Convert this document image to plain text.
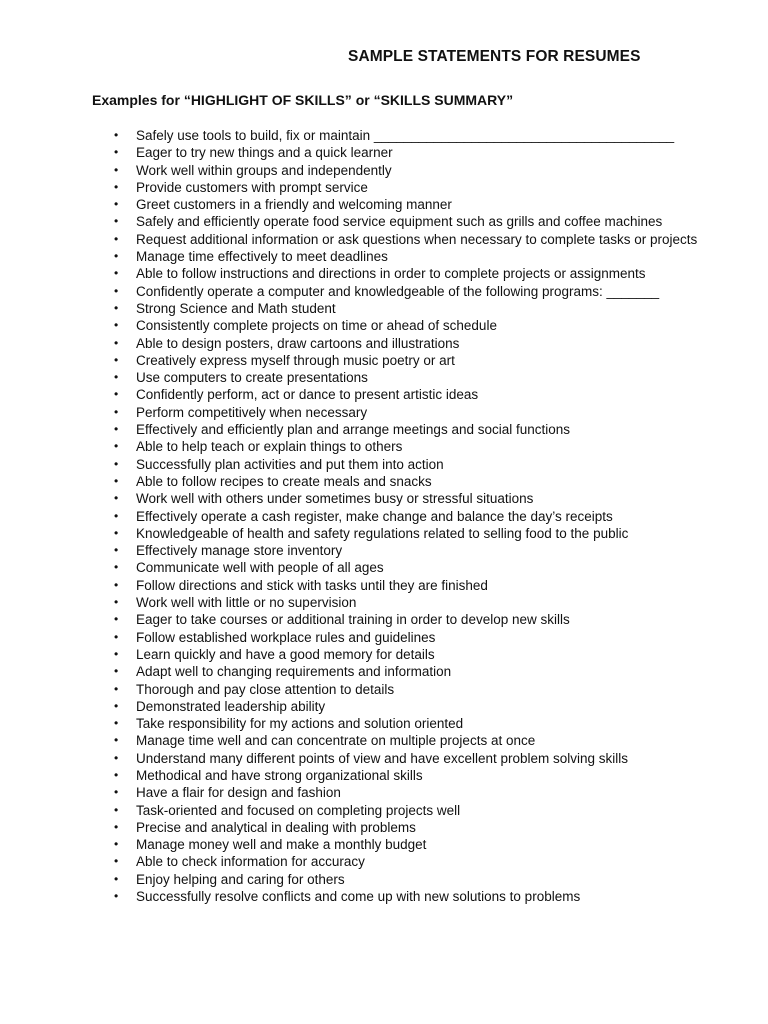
SAMPLE STATEMENTS FOR RESUMES
Examples for “HIGHLIGHT OF SKILLS” or “SKILLS SUMMARY”
• Safely use tools to build, fix or maintain ________________________________________
• Eager to try new things and a quick learner
• Work well within groups and independently
• Provide customers with prompt service
• Greet customers in a friendly and welcoming manner
• Safely and efficiently operate food service equipment such as grills and coffee machines
• Request additional information or ask questions when necessary to complete tasks or projects
• Manage time effectively to meet deadlines
• Able to follow instructions and directions in order to complete projects or assignments
• Confidently operate a computer and knowledgeable of the following programs: _______
• Strong Science and Math student
• Consistently complete projects on time or ahead of schedule
• Able to design posters, draw cartoons and illustrations
• Creatively express myself through music poetry or art
• Use computers to create presentations
• Confidently perform, act or dance to present artistic ideas
• Perform competitively when necessary
• Effectively and efficiently plan and arrange meetings and social functions
• Able to help teach or explain things to others
• Successfully plan activities and put them into action
• Able to follow recipes to create meals and snacks
• Work well with others under sometimes busy or stressful situations
• Effectively operate a cash register, make change and balance the day’s receipts
• Knowledgeable of health and safety regulations related to selling food to the public
• Effectively manage store inventory
• Communicate well with people of all ages
• Follow directions and stick with tasks until they are finished
• Work well with little or no supervision
• Eager to take courses or additional training in order to develop new skills
• Follow established workplace rules and guidelines
• Learn quickly and have a good memory for details
• Adapt well to changing requirements and information
• Thorough and pay close attention to details
• Demonstrated leadership ability
• Take responsibility for my actions and solution oriented
• Manage time well and can concentrate on multiple projects at once
• Understand many different points of view and have excellent problem solving skills
• Methodical and have strong organizational skills
• Have a flair for design and fashion
• Task-oriented and focused on completing projects well
• Precise and analytical in dealing with problems
• Manage money well and make a monthly budget
• Able to check information for accuracy
• Enjoy helping and caring for others
• Successfully resolve conflicts and come up with new solutions to problems
